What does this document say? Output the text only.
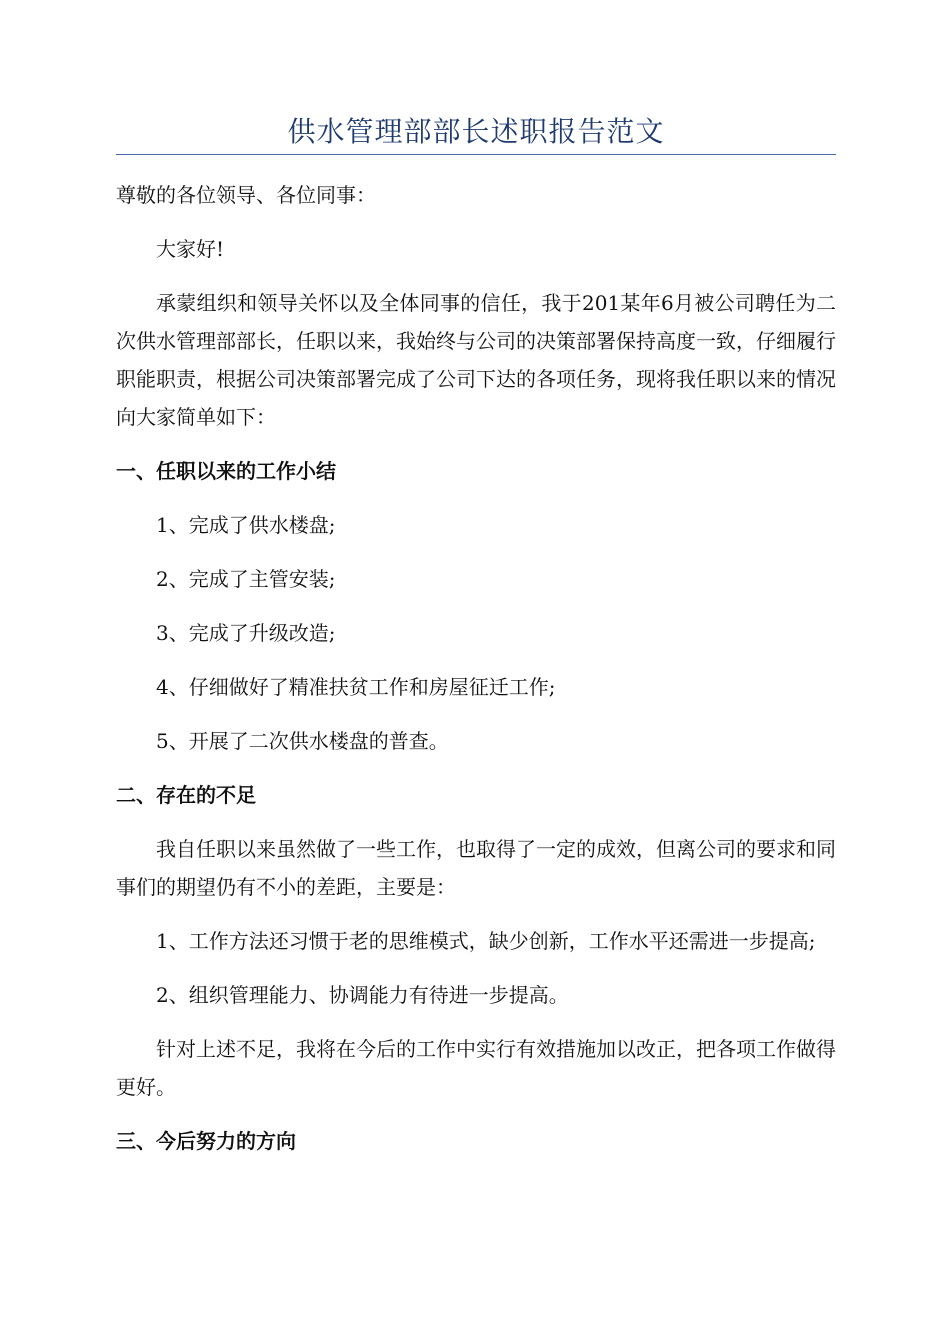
供水管理部部长述职报告范文

尊敬的各位领导、各位同事：

大家好!

承蒙组织和领导关怀以及全体同事的信任，我于201某年6月被公司聘任为二次供水管理部部长，任职以来，我始终与公司的决策部署保持高度一致，仔细履行职能职责，根据公司决策部署完成了公司下达的各项任务，现将我任职以来的情况向大家简单如下：

一、任职以来的工作小结

1、完成了供水楼盘;

2、完成了主管安装;

3、完成了升级改造;

4、仔细做好了精准扶贫工作和房屋征迁工作;

5、开展了二次供水楼盘的普查。

二、存在的不足

我自任职以来虽然做了一些工作，也取得了一定的成效，但离公司的要求和同事们的期望仍有不小的差距，主要是：

1、工作方法还习惯于老的思维模式，缺少创新，工作水平还需进一步提高;

2、组织管理能力、协调能力有待进一步提高。

针对上述不足，我将在今后的工作中实行有效措施加以改正，把各项工作做得更好。

三、今后努力的方向
